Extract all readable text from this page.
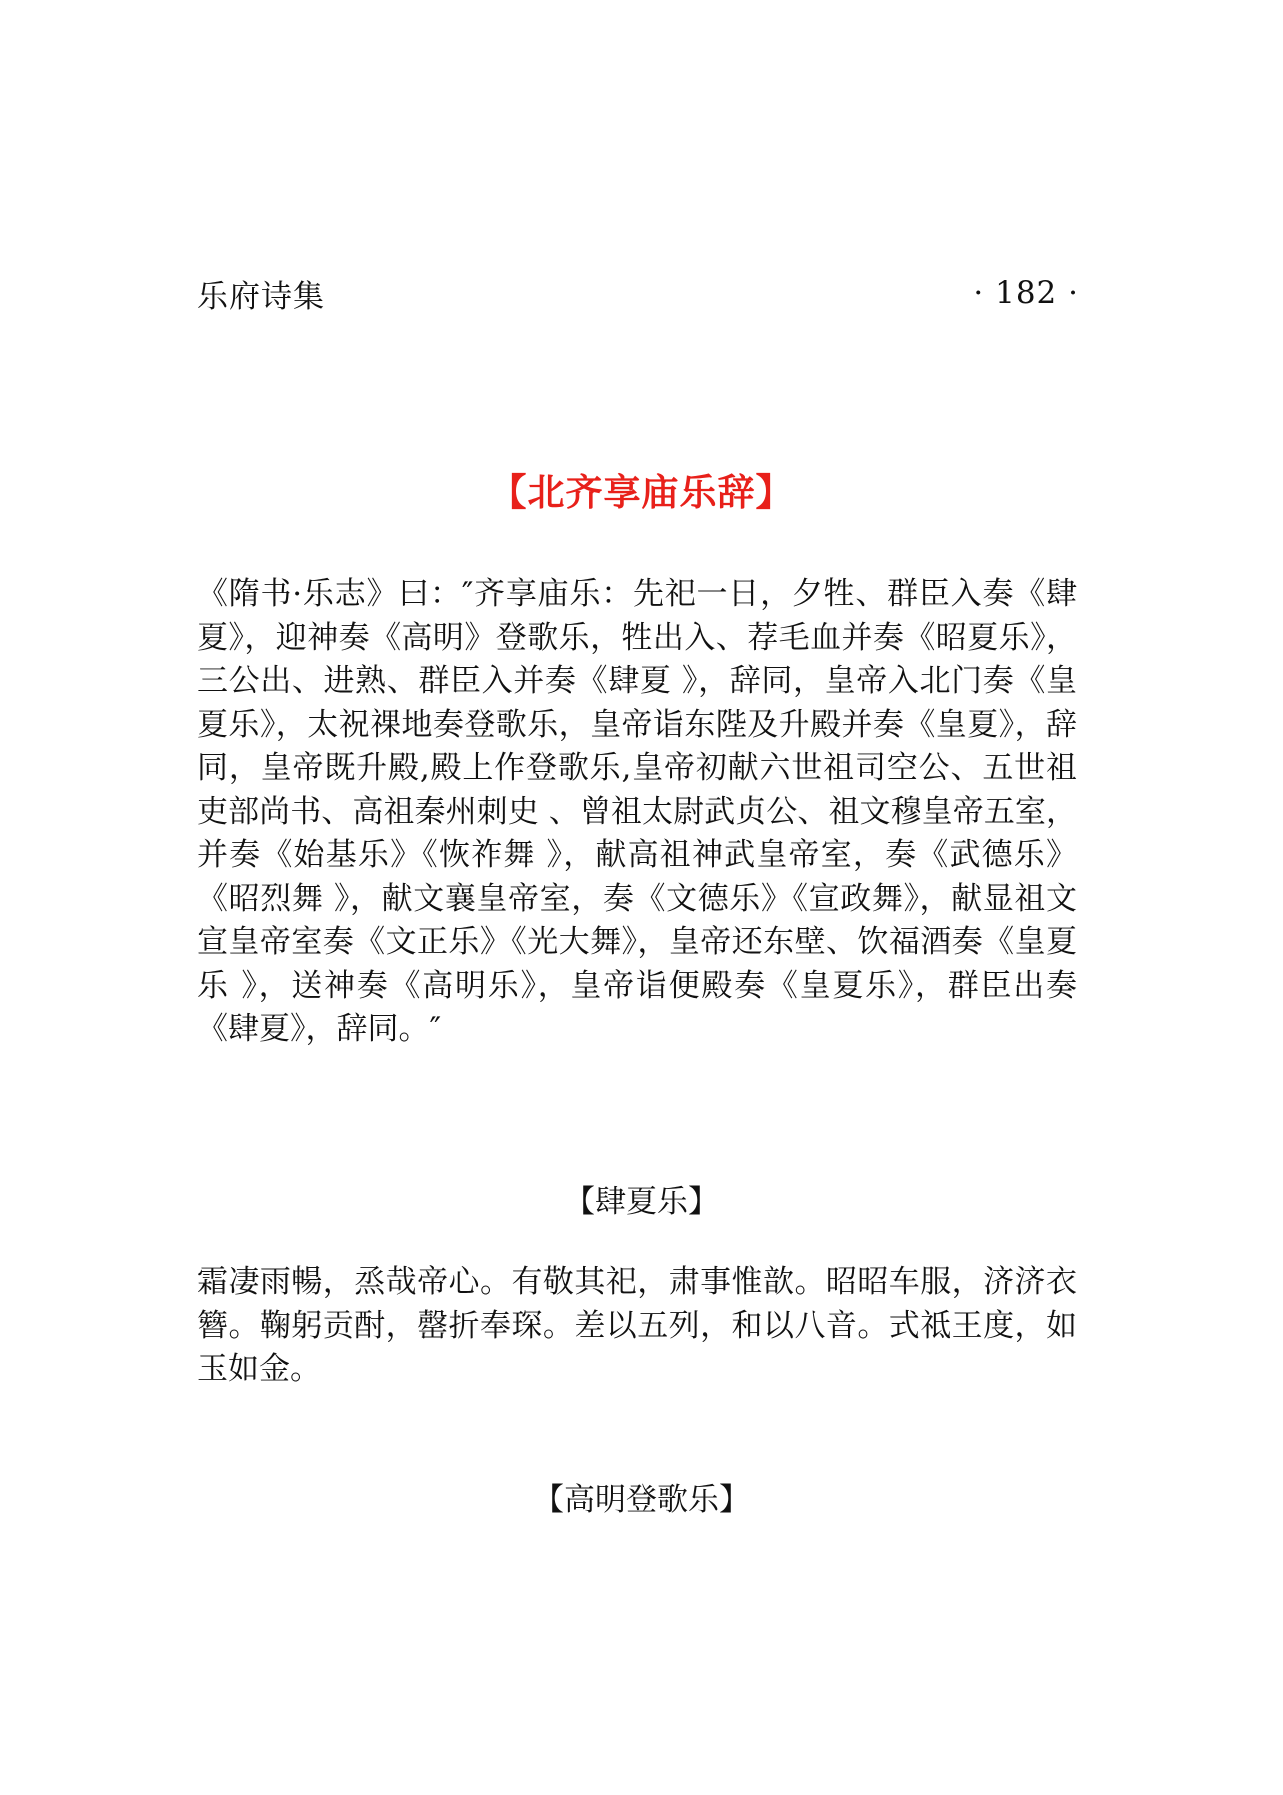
乐府诗集	· 182 ·
【北齐享庙乐辞】

《隋书·乐志》曰：″齐享庙乐：先祀一日，夕牲、群臣入奏《肆夏》，迎神奏《高明》登歌乐，牲出入、荐毛血并奏《昭夏乐》，三公出、进熟、群臣入并奏《肆夏 》，辞同，皇帝入北门奏《皇夏乐》，太祝祼地奏登歌乐，皇帝诣东陛及升殿并奏《皇夏》，辞同，皇帝既升殿,殿上作登歌乐,皇帝初献六世祖司空公、五世祖吏部尚书、高祖秦州刺史 、曾祖太尉武贞公、祖文穆皇帝五室，并奏《始基乐》《恢祚舞 》，献高祖神武皇帝室，奏《武德乐》《昭烈舞 》，献文襄皇帝室，奏《文德乐》《宣政舞》，献显祖文宣皇帝室奏《文正乐》《光大舞》，皇帝还东壁、饮福酒奏《皇夏乐 》，送神奏《高明乐》，皇帝诣便殿奏《皇夏乐》，群臣出奏《肆夏》，辞同。″

【肆夏乐】

霜凄雨暢，烝哉帝心。有敬其祀，肃事惟歆。昭昭车服，济济衣簪。鞠躬贡酎，罄折奉琛。差以五列，和以八音。式祗王度，如玉如金。

【高明登歌乐】
